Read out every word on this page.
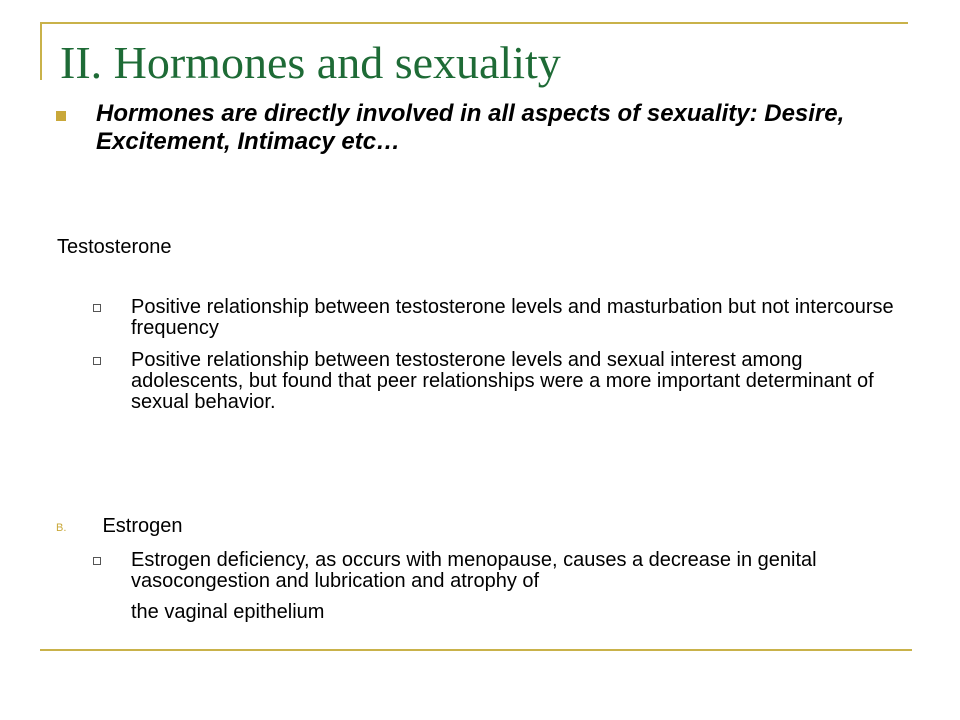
II. Hormones and sexuality
Hormones are directly involved in all aspects of sexuality: Desire, Excitement, Intimacy etc…
Testosterone
Positive relationship between testosterone levels and masturbation but not intercourse frequency
Positive relationship between testosterone levels and sexual interest among adolescents, but found that peer relationships were a more important determinant of sexual behavior.
B. Estrogen
Estrogen deficiency, as occurs with menopause, causes a decrease in genital vasocongestion and lubrication and atrophy of
the vaginal epithelium
